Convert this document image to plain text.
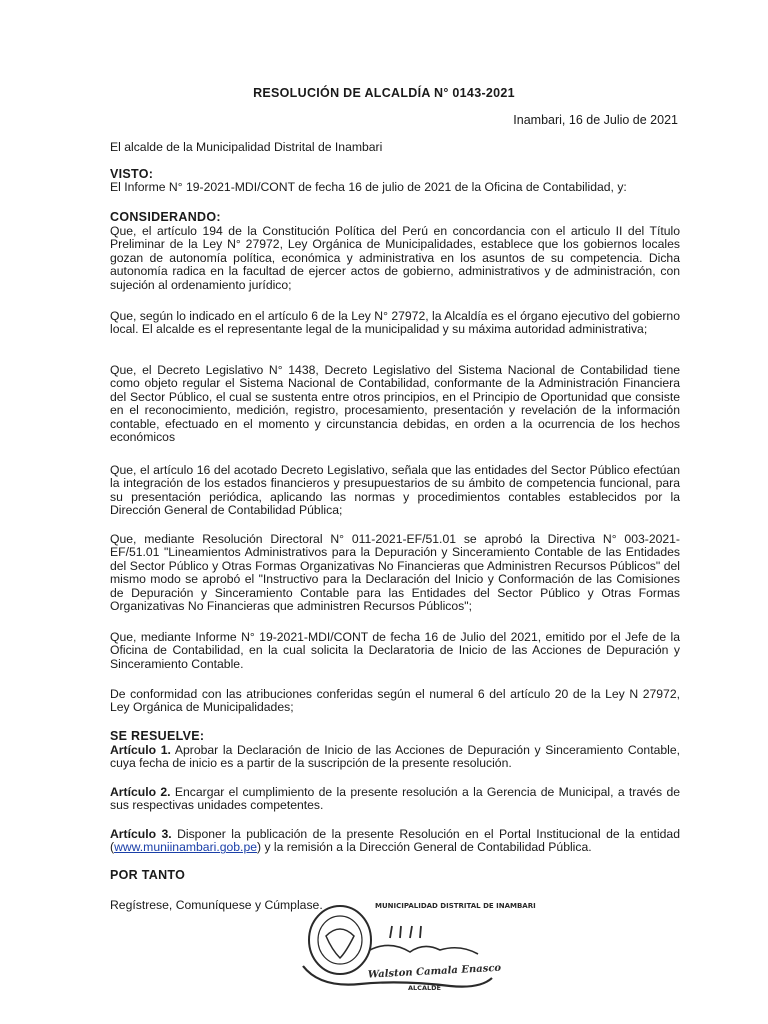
RESOLUCIÓN DE ALCALDÍA N° 0143-2021
Inambari, 16 de Julio de 2021
El alcalde de la Municipalidad Distrital de Inambari
VISTO:
El Informe N° 19-2021-MDI/CONT de fecha 16 de julio de 2021 de la Oficina de Contabilidad, y:
CONSIDERANDO:
Que, el artículo 194 de la Constitución Política del Perú en concordancia con el articulo II del Título Preliminar de la Ley N° 27972, Ley Orgánica de Municipalidades, establece que los gobiernos locales gozan de autonomía política, económica y administrativa en los asuntos de su competencia. Dicha autonomía radica en la facultad de ejercer actos de gobierno, administrativos y de administración, con sujeción al ordenamiento jurídico;
Que, según lo indicado en el artículo 6 de la Ley N° 27972, la Alcaldía es el órgano ejecutivo del gobierno local. El alcalde es el representante legal de la municipalidad y su máxima autoridad administrativa;
Que, el Decreto Legislativo N° 1438, Decreto Legislativo del Sistema Nacional de Contabilidad tiene como objeto regular el Sistema Nacional de Contabilidad, conformante de la Administración Financiera del Sector Público, el cual se sustenta entre otros principios, en el Principio de Oportunidad que consiste en el reconocimiento, medición, registro, procesamiento, presentación y revelación de la información contable, efectuado en el momento y circunstancia debidas, en orden a la ocurrencia de los hechos económicos
Que, el artículo 16 del acotado Decreto Legislativo, señala que las entidades del Sector Público efectúan la integración de los estados financieros y presupuestarios de su ámbito de competencia funcional, para su presentación periódica, aplicando las normas y procedimientos contables establecidos por la Dirección General de Contabilidad Pública;
Que, mediante Resolución Directoral N° 011-2021-EF/51.01 se aprobó la Directiva N° 003-2021-EF/51.01 "Lineamientos Administrativos para la Depuración y Sinceramiento Contable de las Entidades del Sector Público y Otras Formas Organizativas No Financieras que Administren Recursos Públicos" del mismo modo se aprobó el "Instructivo para la Declaración del Inicio y Conformación de las Comisiones de Depuración y Sinceramiento Contable para las Entidades del Sector Público y Otras Formas Organizativas No Financieras que administren Recursos Públicos";
Que, mediante Informe N° 19-2021-MDI/CONT de fecha 16 de Julio del 2021, emitido por el Jefe de la Oficina de Contabilidad, en la cual solicita la Declaratoria de Inicio de las Acciones de Depuración y Sinceramiento Contable.
De conformidad con las atribuciones conferidas según el numeral 6 del artículo 20 de la Ley N 27972, Ley Orgánica de Municipalidades;
SE RESUELVE:
Artículo 1. Aprobar la Declaración de Inicio de las Acciones de Depuración y Sinceramiento Contable, cuya fecha de inicio es a partir de la suscripción de la presente resolución.
Artículo 2. Encargar el cumplimiento de la presente resolución a la Gerencia de Municipal, a través de sus respectivas unidades competentes.
Artículo 3. Disponer la publicación de la presente Resolución en el Portal Institucional de la entidad (www.muniinambari.gob.pe) y la remisión a la Dirección General de Contabilidad Pública.
POR TANTO
Regístrese, Comuníquese y Cúmplase.	MUNICIPALIDAD DISTRITAL DE INAMBARI
Walston Camala Enasco
ALCALDE
